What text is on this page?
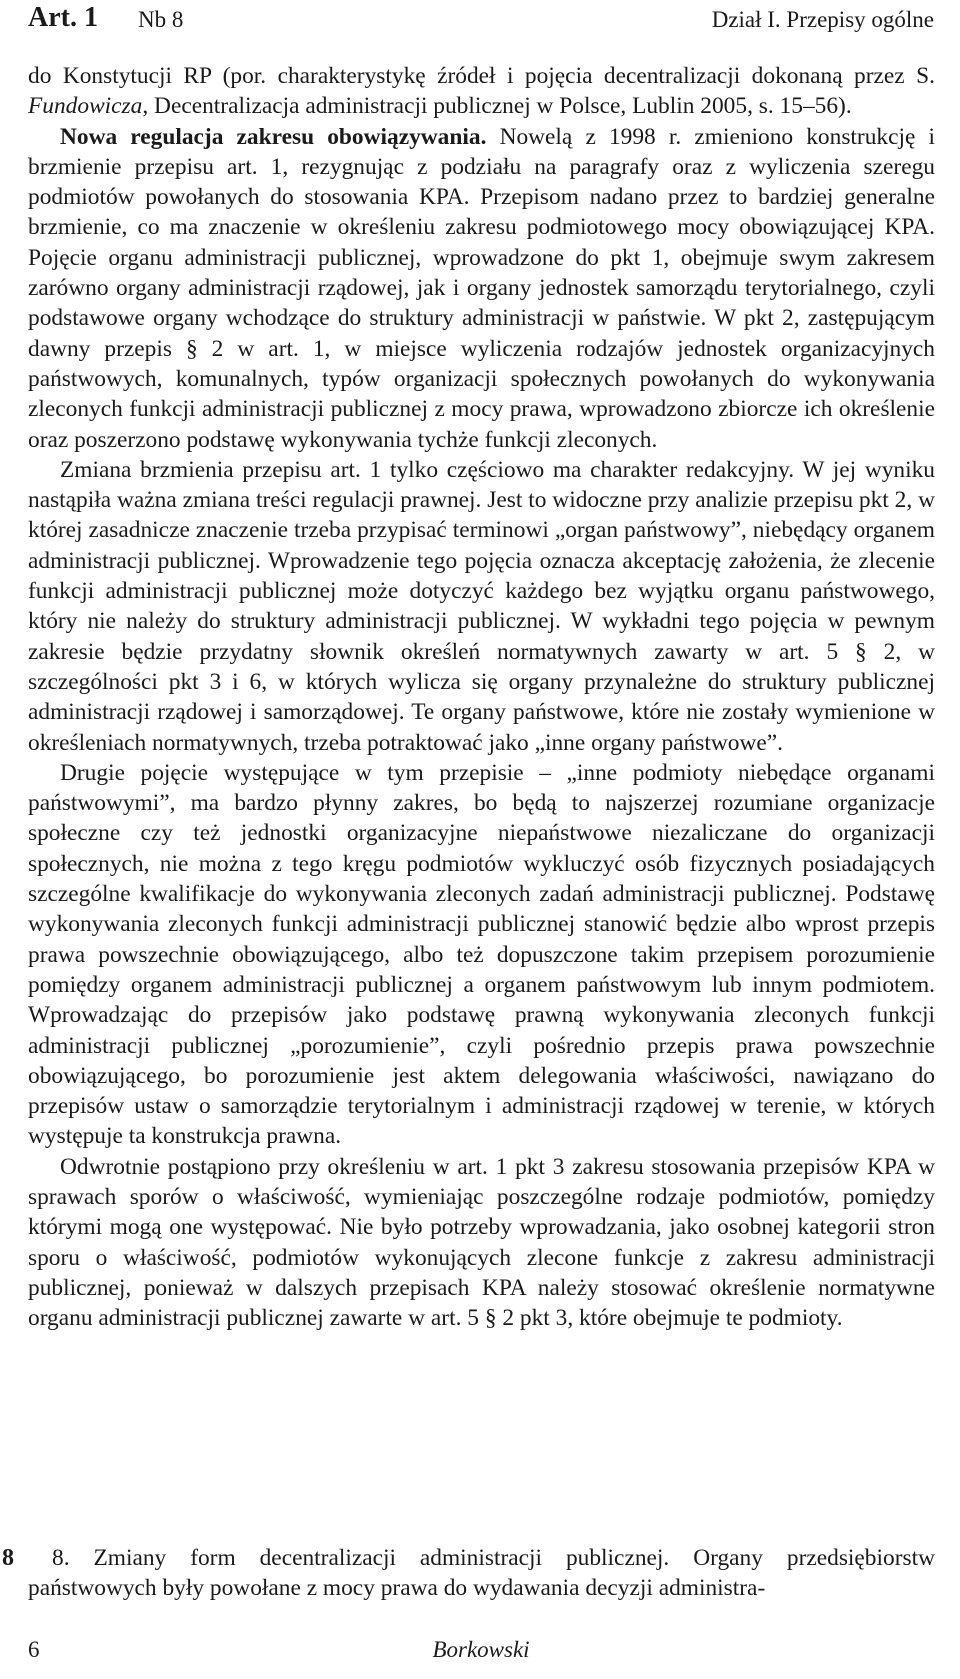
Art. 1 Nb 8	Dział I. Przepisy ogólne

do Konstytucji RP (por. charakterystykę źródeł i pojęcia decentralizacji dokonaną przez S. Fundowicza, Decentralizacja administracji publicznej w Polsce, Lublin 2005, s. 15–56).

Nowa regulacja zakresu obowiązywania. Nowelą z 1998 r. zmieniono konstrukcję i brzmienie przepisu art. 1, rezygnując z podziału na paragrafy oraz z wyliczenia szeregu podmiotów powołanych do stosowania KPA. Przepisom nadano przez to bardziej generalne brzmienie, co ma znaczenie w określeniu zakresu podmiotowego mocy obowiązującej KPA. Pojęcie organu administracji publicznej, wprowadzone do pkt 1, obejmuje swym zakresem zarówno organy administracji rządowej, jak i organy jednostek samorządu terytorialnego, czyli podstawowe organy wchodzące do struktury administracji w państwie. W pkt 2, zastępującym dawny przepis § 2 w art. 1, w miejsce wyliczenia rodzajów jednostek organizacyjnych państwowych, komunalnych, typów organizacji społecznych powołanych do wykonywania zleconych funkcji administracji publicznej z mocy prawa, wprowadzono zbiorcze ich określenie oraz poszerzono podstawę wykonywania tychże funkcji zleconych.

Zmiana brzmienia przepisu art. 1 tylko częściowo ma charakter redakcyjny. W jej wyniku nastąpiła ważna zmiana treści regulacji prawnej. Jest to widoczne przy analizie przepisu pkt 2, w której zasadnicze znaczenie trzeba przypisać terminowi „organ państwowy”, niebędący organem administracji publicznej. Wprowadzenie tego pojęcia oznacza akceptację założenia, że zlecenie funkcji administracji publicznej może dotyczyć każdego bez wyjątku organu państwowego, który nie należy do struktury administracji publicznej. W wykładni tego pojęcia w pewnym zakresie będzie przydatny słownik określeń normatywnych zawarty w art. 5 § 2, w szczególności pkt 3 i 6, w których wylicza się organy przynależne do struktury publicznej administracji rządowej i samorządowej. Te organy państwowe, które nie zostały wymienione w określeniach normatywnych, trzeba potraktować jako „inne organy państwowe”.

Drugie pojęcie występujące w tym przepisie – „inne podmioty niebędące organami państwowymi”, ma bardzo płynny zakres, bo będą to najszerzej rozumiane organizacje społeczne czy też jednostki organizacyjne niepaństwowe niezaliczane do organizacji społecznych, nie można z tego kręgu podmiotów wykluczyć osób fizycznych posiadających szczególne kwalifikacje do wykonywania zleconych zadań administracji publicznej. Podstawę wykonywania zleconych funkcji administracji publicznej stanowić będzie albo wprost przepis prawa powszechnie obowiązującego, albo też dopuszczone takim przepisem porozumienie pomiędzy organem administracji publicznej a organem państwowym lub innym podmiotem. Wprowadzając do przepisów jako podstawę prawną wykonywania zleconych funkcji administracji publicznej „porozumienie”, czyli pośrednio przepis prawa powszechnie obowiązującego, bo porozumienie jest aktem delegowania właściwości, nawiązano do przepisów ustaw o samorządzie terytorialnym i administracji rządowej w terenie, w których występuje ta konstrukcja prawna.

Odwrotnie postąpiono przy określeniu w art. 1 pkt 3 zakresu stosowania przepisów KPA w sprawach sporów o właściwość, wymieniając poszczególne rodzaje podmiotów, pomiędzy którymi mogą one występować. Nie było potrzeby wprowadzania, jako osobnej kategorii stron sporu o właściwość, podmiotów wykonujących zlecone funkcje z zakresu administracji publicznej, ponieważ w dalszych przepisach KPA należy stosować określenie normatywne organu administracji publicznej zawarte w art. 5 § 2 pkt 3, które obejmuje te podmioty.

8	8. Zmiany form decentralizacji administracji publicznej. Organy przedsiębiorstw państwowych były powołane z mocy prawa do wydawania decyzji administra-

6	Borkowski
